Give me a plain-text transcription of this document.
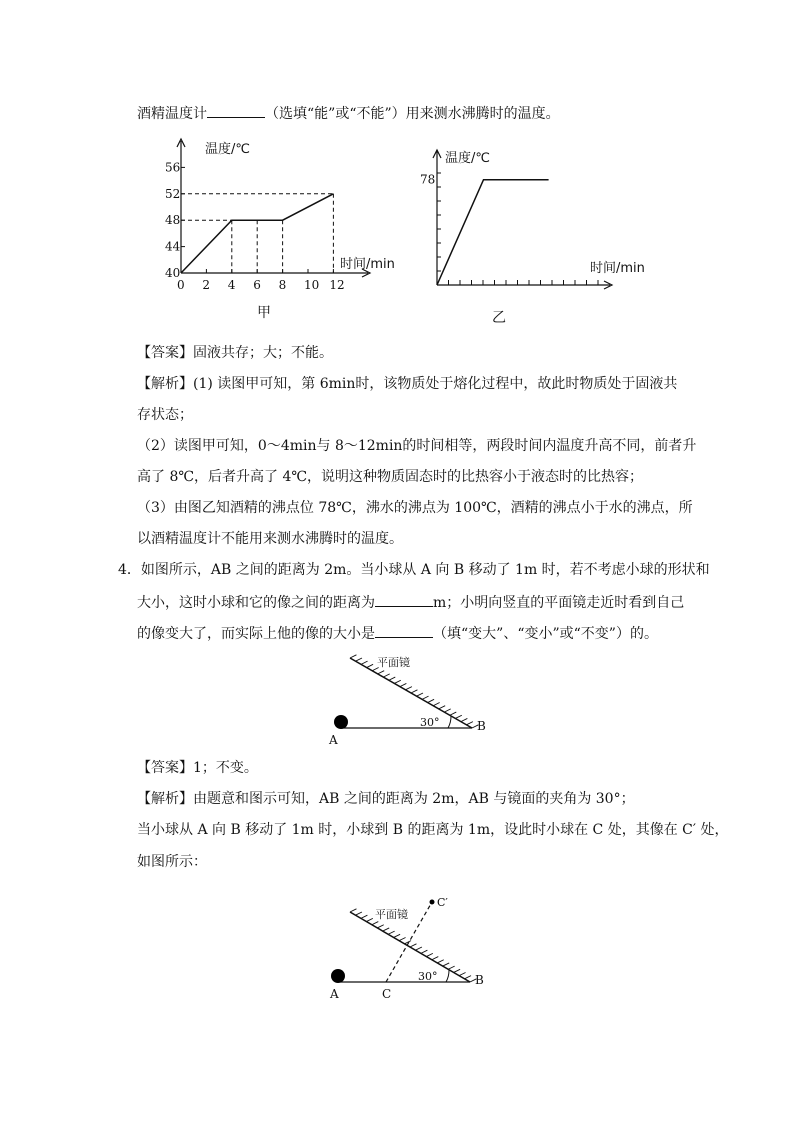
酒精温度计	（选填“能”或“不能”）用来测水沸腾时的温度。
40
44
48
52
56
0 2 4 6 8 10 12
温度/℃
时间/min
甲
78
温度/℃
时间/min
乙
【答案】固液共存；大；不能。
【解析】(1) 读图甲可知，第 6min时，该物质处于熔化过程中，故此时物质处于固液共
存状态；
（2）读图甲可知，0～4min与 8～12min的时间相等，两段时间内温度升高不同，前者升
高了 8℃，后者升高了 4℃，说明这种物质固态时的比热容小于液态时的比热容；
（3）由图乙知酒精的沸点位 78℃，沸水的沸点为 100℃，酒精的沸点小于水的沸点，所
以酒精温度计不能用来测水沸腾时的温度。
4．如图所示，AB 之间的距离为 2m。当小球从 A 向 B 移动了 1m 时，若不考虑小球的形状和
大小，这时小球和它的像之间的距离为	m；小明向竖直的平面镜走近时看到自己
的像变大了，而实际上他的像的大小是	（填“变大”、“变小”或“不变”）的。
平面镜
30°
A
B
【答案】1；不变。
【解析】由题意和图示可知，AB 之间的距离为 2m，AB 与镜面的夹角为 30°；
当小球从 A 向 B 移动了 1m 时，小球到 B 的距离为 1m，设此时小球在 C 处，其像在 C′ 处，
如图所示：
平面镜
30°
A
B
C
C′
